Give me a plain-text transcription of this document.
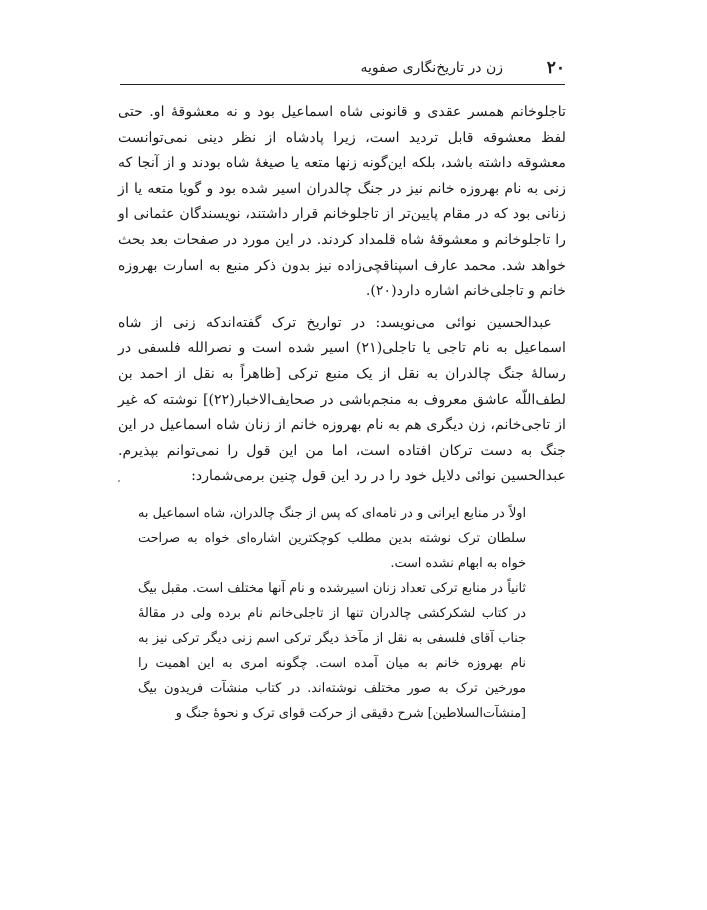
۲۰
زن در تاریخ‌نگاری صفویه

تاجلوخانم همسر عقدی و قانونی شاه اسماعیل بود و نه معشوقهٔ او. حتی لفظ معشوقه قابل تردید است، زیرا پادشاه از نظر دینی نمی‌توانست معشوقه داشته باشد، بلکه این‌گونه زنها متعه یا صیغهٔ شاه بودند و از آنجا که زنی به نام بهروزه خانم نیز در جنگ چالدران اسیر شده بود و گویا متعه یا از زنانی بود که در مقام پایین‌تر از تاجلوخانم قرار داشتند، نویسندگان عثمانی او را تاجلوخانم و معشوقهٔ شاه قلمداد کردند. در این مورد در صفحات بعد بحث خواهد شد. محمد عارف اسپناقچی‌زاده نیز بدون ذکر منبع به اسارت بهروزه خانم و تاجلی‌خانم اشاره دارد(۲۰).

عبدالحسین نوائی می‌نویسد: در تواریخ ترک گفته‌اندکه زنی از شاه اسماعیل به نام تاجی یا تاجلی(۲۱) اسیر شده است و نصرالله فلسفی در رسالهٔ جنگ چالدران به نقل از یک منبع ترکی [ظاهراً به نقل از احمد بن لطف‌اللّه عاشق معروف به منجم‌باشی در صحایف‌الاخبار(۲۲)] نوشته که غیر از تاجی‌خانم، زن دیگری هم به نام بهروزه خانم از زنان شاه اسماعیل در این جنگ به دست ترکان افتاده است، اما من این قول را نمی‌توانم بپذیرم. عبدالحسین نوائی دلایل خود را در رد این قول چنین برمی‌شمارد:

اولاً در منابع ایرانی و در نامه‌ای که پس از جنگ چالدران، شاه اسماعیل به سلطان ترک نوشته بدین مطلب کوچکترین اشاره‌ای خواه به صراحت خواه به ابهام نشده است.

ثانیاً در منابع ترکی تعداد زنان اسیرشده و نام آنها مختلف است. مقبل بیگ در کتاب لشکرکشی چالدران تنها از تاجلی‌خانم نام برده ولی در مقالهٔ جناب آقای فلسفی به نقل از مآخذ دیگر ترکی اسم زنی دیگر ترکی نیز به نام بهروزه خانم به میان آمده است. چگونه امری به این اهمیت را مورخین ترک به صور مختلف نوشته‌اند. در کتاب منشآت فریدون بیگ [منشآت‌السلاطین] شرح دقیقی از حرکت قوای ترک و نحوهٔ جنگ و
